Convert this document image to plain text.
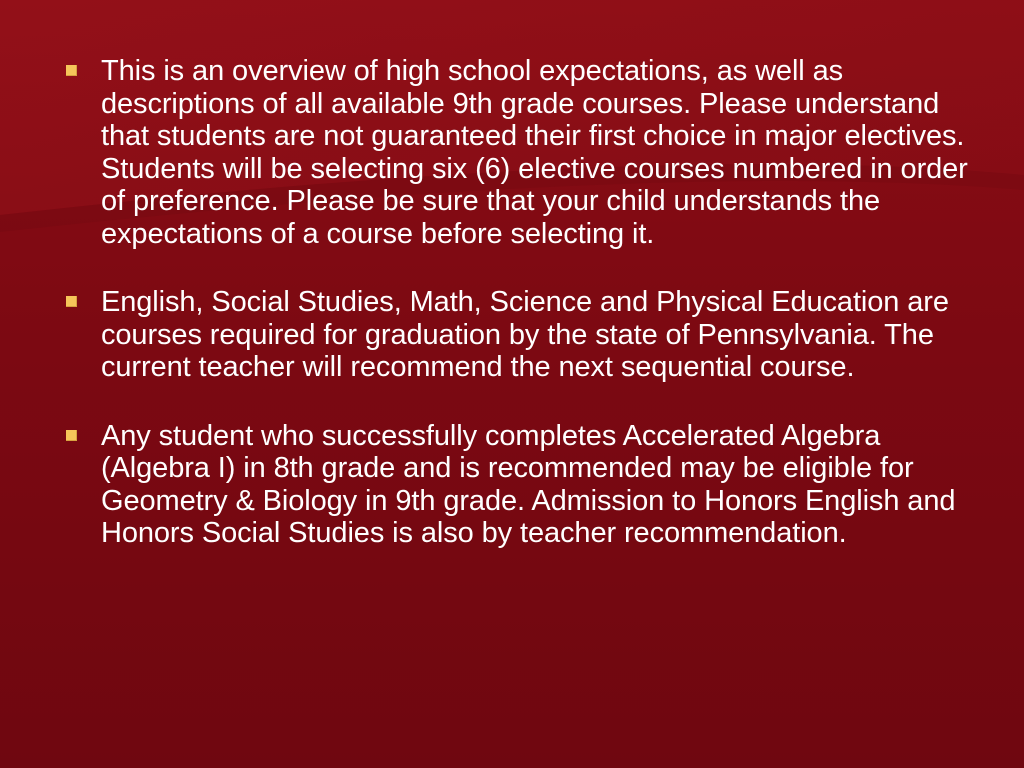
This is an overview of high school expectations, as well as descriptions of all available 9th grade courses. Please understand that students are not guaranteed their first choice in major electives. Students will be selecting six (6) elective courses numbered in order of preference. Please be sure that your child understands the expectations of a course before selecting it.
English, Social Studies, Math, Science and Physical Education are courses required for graduation by the state of Pennsylvania. The current teacher will recommend the next sequential course.
Any student who successfully completes Accelerated Algebra (Algebra I) in 8th grade and is recommended may be eligible for Geometry & Biology in 9th grade. Admission to Honors English and Honors Social Studies is also by teacher recommendation.
